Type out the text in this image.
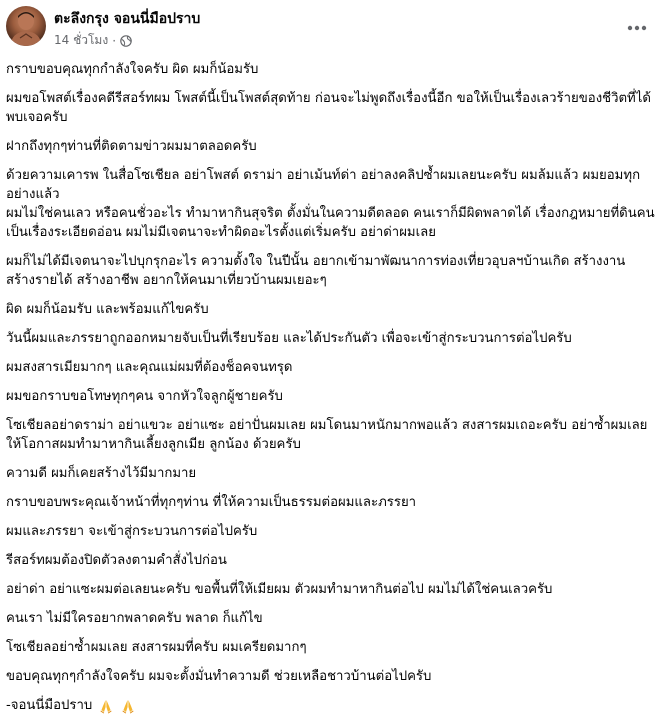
ตะลึงกรุง จอนนี่มือปราบ
14 ชั่วโมง ·

กราบขอบคุณทุกกำลังใจครับ ผิด ผมก็น้อมรับ

ผมขอโพสต์เรื่องคดีรีสอร์ทผม โพสต์นี้เป็นโพสต์สุดท้าย ก่อนจะไม่พูดถึงเรื่องนี้อีก ขอให้เป็นเรื่องเลวร้ายของชีวิตที่ได้พบเจอครับ

ฝากถึงทุกๆท่านที่ติดตามข่าวผมมาตลอดครับ

ด้วยความเคารพ ในสื่อโซเชียล อย่าโพสต์ ดราม่า อย่าเม้นท์ด่า อย่าลงคลิปซ้ำผมเลยนะครับ ผมล้มแล้ว ผมยอมทุกอย่างแล้ว

ผมไม่ใช่คนเลว หรือคนชั่วอะไร ทำมาหากินสุจริต ตั้งมั่นในความดีตลอด คนเราก็มีผิดพลาดได้ เรื่องกฎหมายที่ดินคนเป็นเรื่องระเอียดอ่อน ผมไม่มีเจตนาจะทำผิดอะไรตั้งแต่เริ่มครับ อย่าด่าผมเลย

ผมก็ไม่ได้มีเจตนาจะไปบุกรุกอะไร ความตั้งใจ ในปีนั้น อยากเข้ามาพัฒนาการท่องเที่ยวอุบลฯบ้านเกิด สร้างงาน สร้างรายได้ สร้างอาชีพ อยากให้คนมาเที่ยวบ้านผมเยอะๆ

ผิด ผมก็น้อมรับ และพร้อมแก้ไขครับ

วันนี้ผมและภรรยาถูกออกหมายจับเป็นที่เรียบร้อย และได้ประกันตัว เพื่อจะเข้าสู่กระบวนการต่อไปครับ

ผมสงสารเมียมากๆ และคุณแม่ผมที่ต้องช็อคจนทรุด

ผมขอกราบขอโทษทุกๆคน จากหัวใจลูกผู้ชายครับ

โซเชียลอย่าดราม่า อย่าแขวะ อย่าแซะ อย่าปั่นผมเลย ผมโดนมาหนักมากพอแล้ว สงสารผมเถอะครับ อย่าซ้ำผมเลย ให้โอกาสผมทำมาหากินเลี้ยงลูกเมีย ลูกน้อง ด้วยครับ

ความดี ผมก็เคยสร้างไว้มีมากมาย

กราบขอบพระคุณเจ้าหน้าที่ทุกๆท่าน ที่ให้ความเป็นธรรมต่อผมและภรรยา

ผมและภรรยา จะเข้าสู่กระบวนการต่อไปครับ

รีสอร์ทผมต้องปิดตัวลงตามคำสั่งไปก่อน

อย่าด่า อย่าแซะผมต่อเลยนะครับ ขอพื้นที่ให้เมียผม ตัวผมทำมาหากินต่อไป ผมไม่ได้ใช่คนเลวครับ

คนเรา ไม่มีใครอยากพลาดครับ พลาด ก็แก้ไข

โซเชียลอย่าซ้ำผมเลย สงสารผมที่ครับ ผมเครียดมากๆ

ขอบคุณทุกๆกำลังใจครับ ผมจะตั้งมั่นทำความดี ช่วยเหลือชาวบ้านต่อไปครับ

-จอนนี่มือปราบ
